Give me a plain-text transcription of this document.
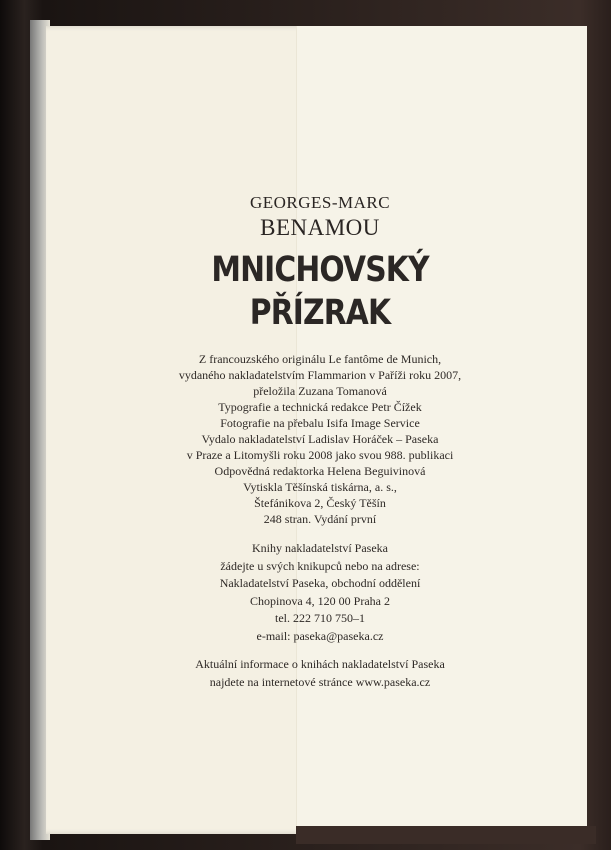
GEORGES-MARC
BENAMOU
MNICHOVSKÝ
PŘÍZRAK
Z francouzského originálu Le fantôme de Munich,
vydaného nakladatelstvím Flammarion v Paříži roku 2007,
přeložila Zuzana Tomanová
Typografie a technická redakce Petr Čížek
Fotografie na přebalu Isifa Image Service
Vydalo nakladatelství Ladislav Horáček – Paseka
v Praze a Litomyšli roku 2008 jako svou 988. publikaci
Odpovědná redaktorka Helena Beguivinová
Vytiskla Těšínská tiskárna, a. s.,
Štefánikova 2, Český Těšín
248 stran. Vydání první
Knihy nakladatelství Paseka
žádejte u svých knikupců nebo na adrese:
Nakladatelství Paseka, obchodní oddělení
Chopinova 4, 120 00 Praha 2
tel. 222 710 750–1
e-mail: paseka@paseka.cz
Aktuální informace o knihách nakladatelství Paseka
najdete na internetové stránce www.paseka.cz
